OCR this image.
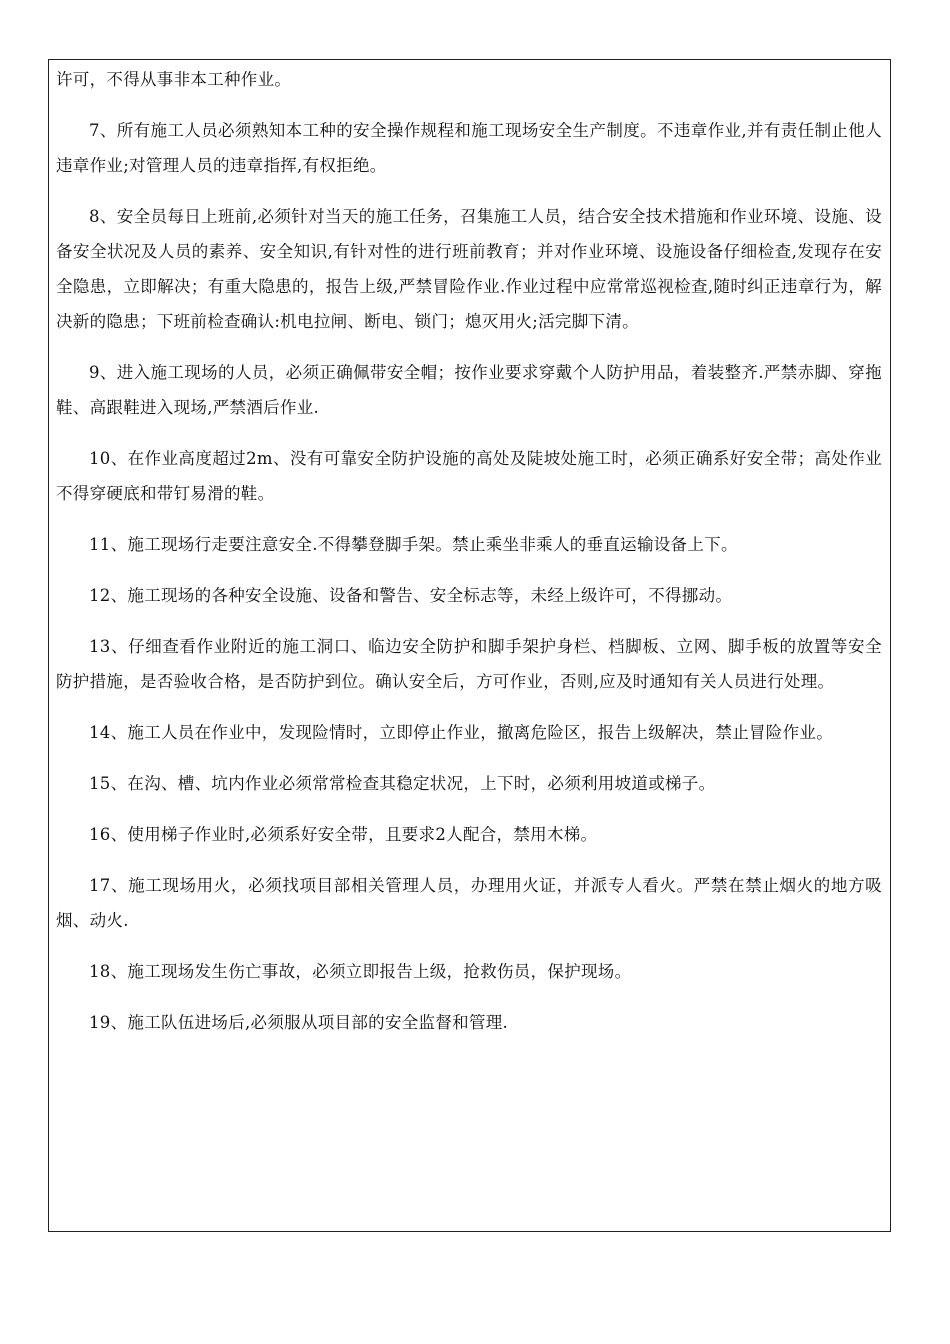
许可，不得从事非本工种作业。

7、所有施工人员必须熟知本工种的安全操作规程和施工现场安全生产制度。不违章作业,并有责任制止他人违章作业;对管理人员的违章指挥,有权拒绝。

8、安全员每日上班前,必须针对当天的施工任务，召集施工人员，结合安全技术措施和作业环境、设施、设备安全状况及人员的素养、安全知识,有针对性的进行班前教育；并对作业环境、设施设备仔细检查,发现存在安全隐患，立即解决；有重大隐患的，报告上级,严禁冒险作业.作业过程中应常常巡视检查,随时纠正违章行为，解决新的隐患；下班前检查确认:机电拉闸、断电、锁门；熄灭用火;活完脚下清。

9、进入施工现场的人员，必须正确佩带安全帽；按作业要求穿戴个人防护用品，着装整齐.严禁赤脚、穿拖鞋、高跟鞋进入现场,严禁酒后作业.

10、在作业高度超过2m、没有可靠安全防护设施的高处及陡坡处施工时，必须正确系好安全带；高处作业不得穿硬底和带钉易滑的鞋。

11、施工现场行走要注意安全.不得攀登脚手架。禁止乘坐非乘人的垂直运输设备上下。

12、施工现场的各种安全设施、设备和警告、安全标志等，未经上级许可，不得挪动。

13、仔细查看作业附近的施工洞口、临边安全防护和脚手架护身栏、档脚板、立网、脚手板的放置等安全防护措施，是否验收合格，是否防护到位。确认安全后，方可作业，否则,应及时通知有关人员进行处理。

14、施工人员在作业中，发现险情时，立即停止作业，撤离危险区，报告上级解决，禁止冒险作业。

15、在沟、槽、坑内作业必须常常检查其稳定状况，上下时，必须利用坡道或梯子。

16、使用梯子作业时,必须系好安全带，且要求2人配合，禁用木梯。

17、施工现场用火，必须找项目部相关管理人员，办理用火证，并派专人看火。严禁在禁止烟火的地方吸烟、动火.

18、施工现场发生伤亡事故，必须立即报告上级，抢救伤员，保护现场。

19、施工队伍进场后,必须服从项目部的安全监督和管理.
